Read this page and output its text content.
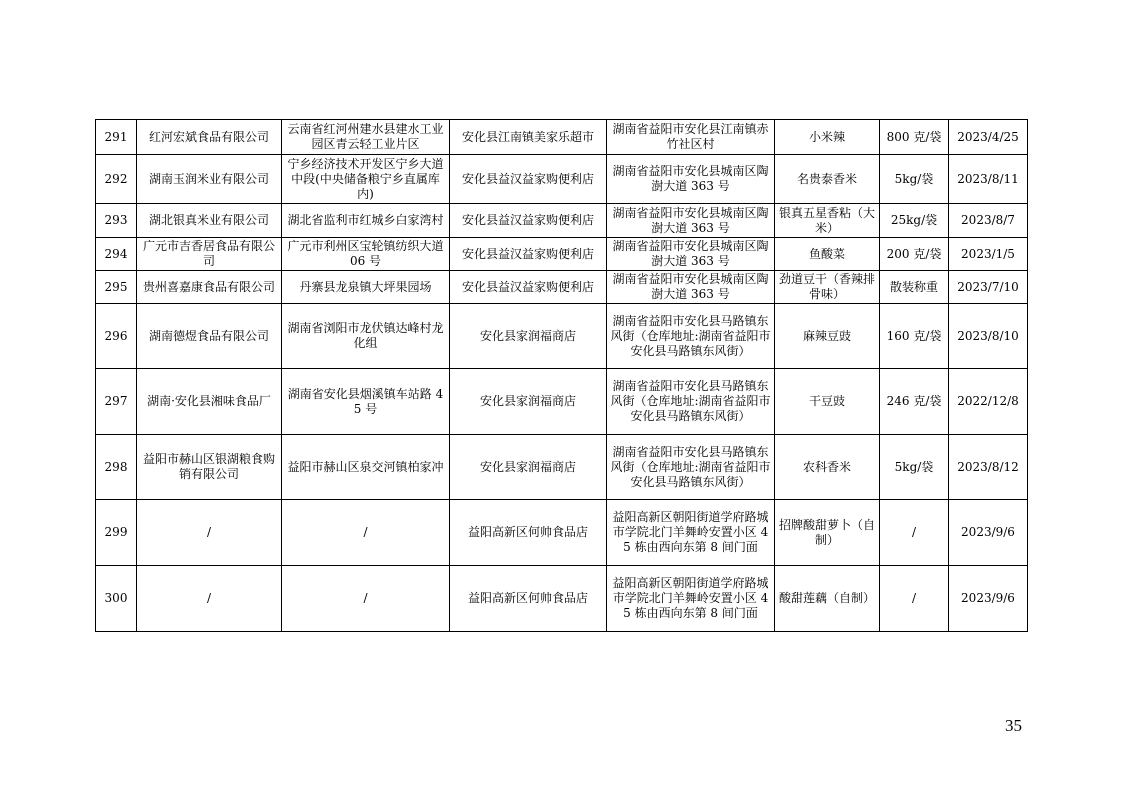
291	红河宏斌食品有限公司	云南省红河州建水县建水工业园区青云轻工业片区	安化县江南镇美家乐超市	湖南省益阳市安化县江南镇赤竹社区村	小米辣	800 克/袋	2023/4/25
292	湖南玉润米业有限公司	宁乡经济技术开发区宁乡大道中段(中央储备粮宁乡直属库内)	安化县益汉益家购便利店	湖南省益阳市安化县城南区陶澍大道 363 号	名贵泰香米	5kg/袋	2023/8/11
293	湖北银真米业有限公司	湖北省监利市红城乡白家湾村	安化县益汉益家购便利店	湖南省益阳市安化县城南区陶澍大道 363 号	银真五星香粘（大米）	25kg/袋	2023/8/7
294	广元市吉香居食品有限公司	广元市利州区宝轮镇纺织大道 06 号	安化县益汉益家购便利店	湖南省益阳市安化县城南区陶澍大道 363 号	鱼酸菜	200 克/袋	2023/1/5
295	贵州喜嘉康食品有限公司	丹寨县龙泉镇大坪果园场	安化县益汉益家购便利店	湖南省益阳市安化县城南区陶澍大道 363 号	劲道豆干（香辣排骨味）	散装称重	2023/7/10
296	湖南德煜食品有限公司	湖南省浏阳市龙伏镇达峰村龙化组	安化县家润福商店	湖南省益阳市安化县马路镇东风街（仓库地址:湖南省益阳市安化县马路镇东风街）	麻辣豆豉	160 克/袋	2023/8/10
297	湖南·安化县湘味食品厂	湖南省安化县烟溪镇车站路 45 号	安化县家润福商店	湖南省益阳市安化县马路镇东风街（仓库地址:湖南省益阳市安化县马路镇东风街）	干豆豉	246 克/袋	2022/12/8
298	益阳市赫山区银湖粮食购销有限公司	益阳市赫山区泉交河镇柏家冲	安化县家润福商店	湖南省益阳市安化县马路镇东风街（仓库地址:湖南省益阳市安化县马路镇东风街）	农科香米	5kg/袋	2023/8/12
299	/	/	益阳高新区何帅食品店	益阳高新区朝阳街道学府路城市学院北门羊舞岭安置小区 45 栋由西向东第 8 间门面	招牌酸甜萝卜（自制）	/	2023/9/6
300	/	/	益阳高新区何帅食品店	益阳高新区朝阳街道学府路城市学院北门羊舞岭安置小区 45 栋由西向东第 8 间门面	酸甜莲藕（自制）	/	2023/9/6
35
